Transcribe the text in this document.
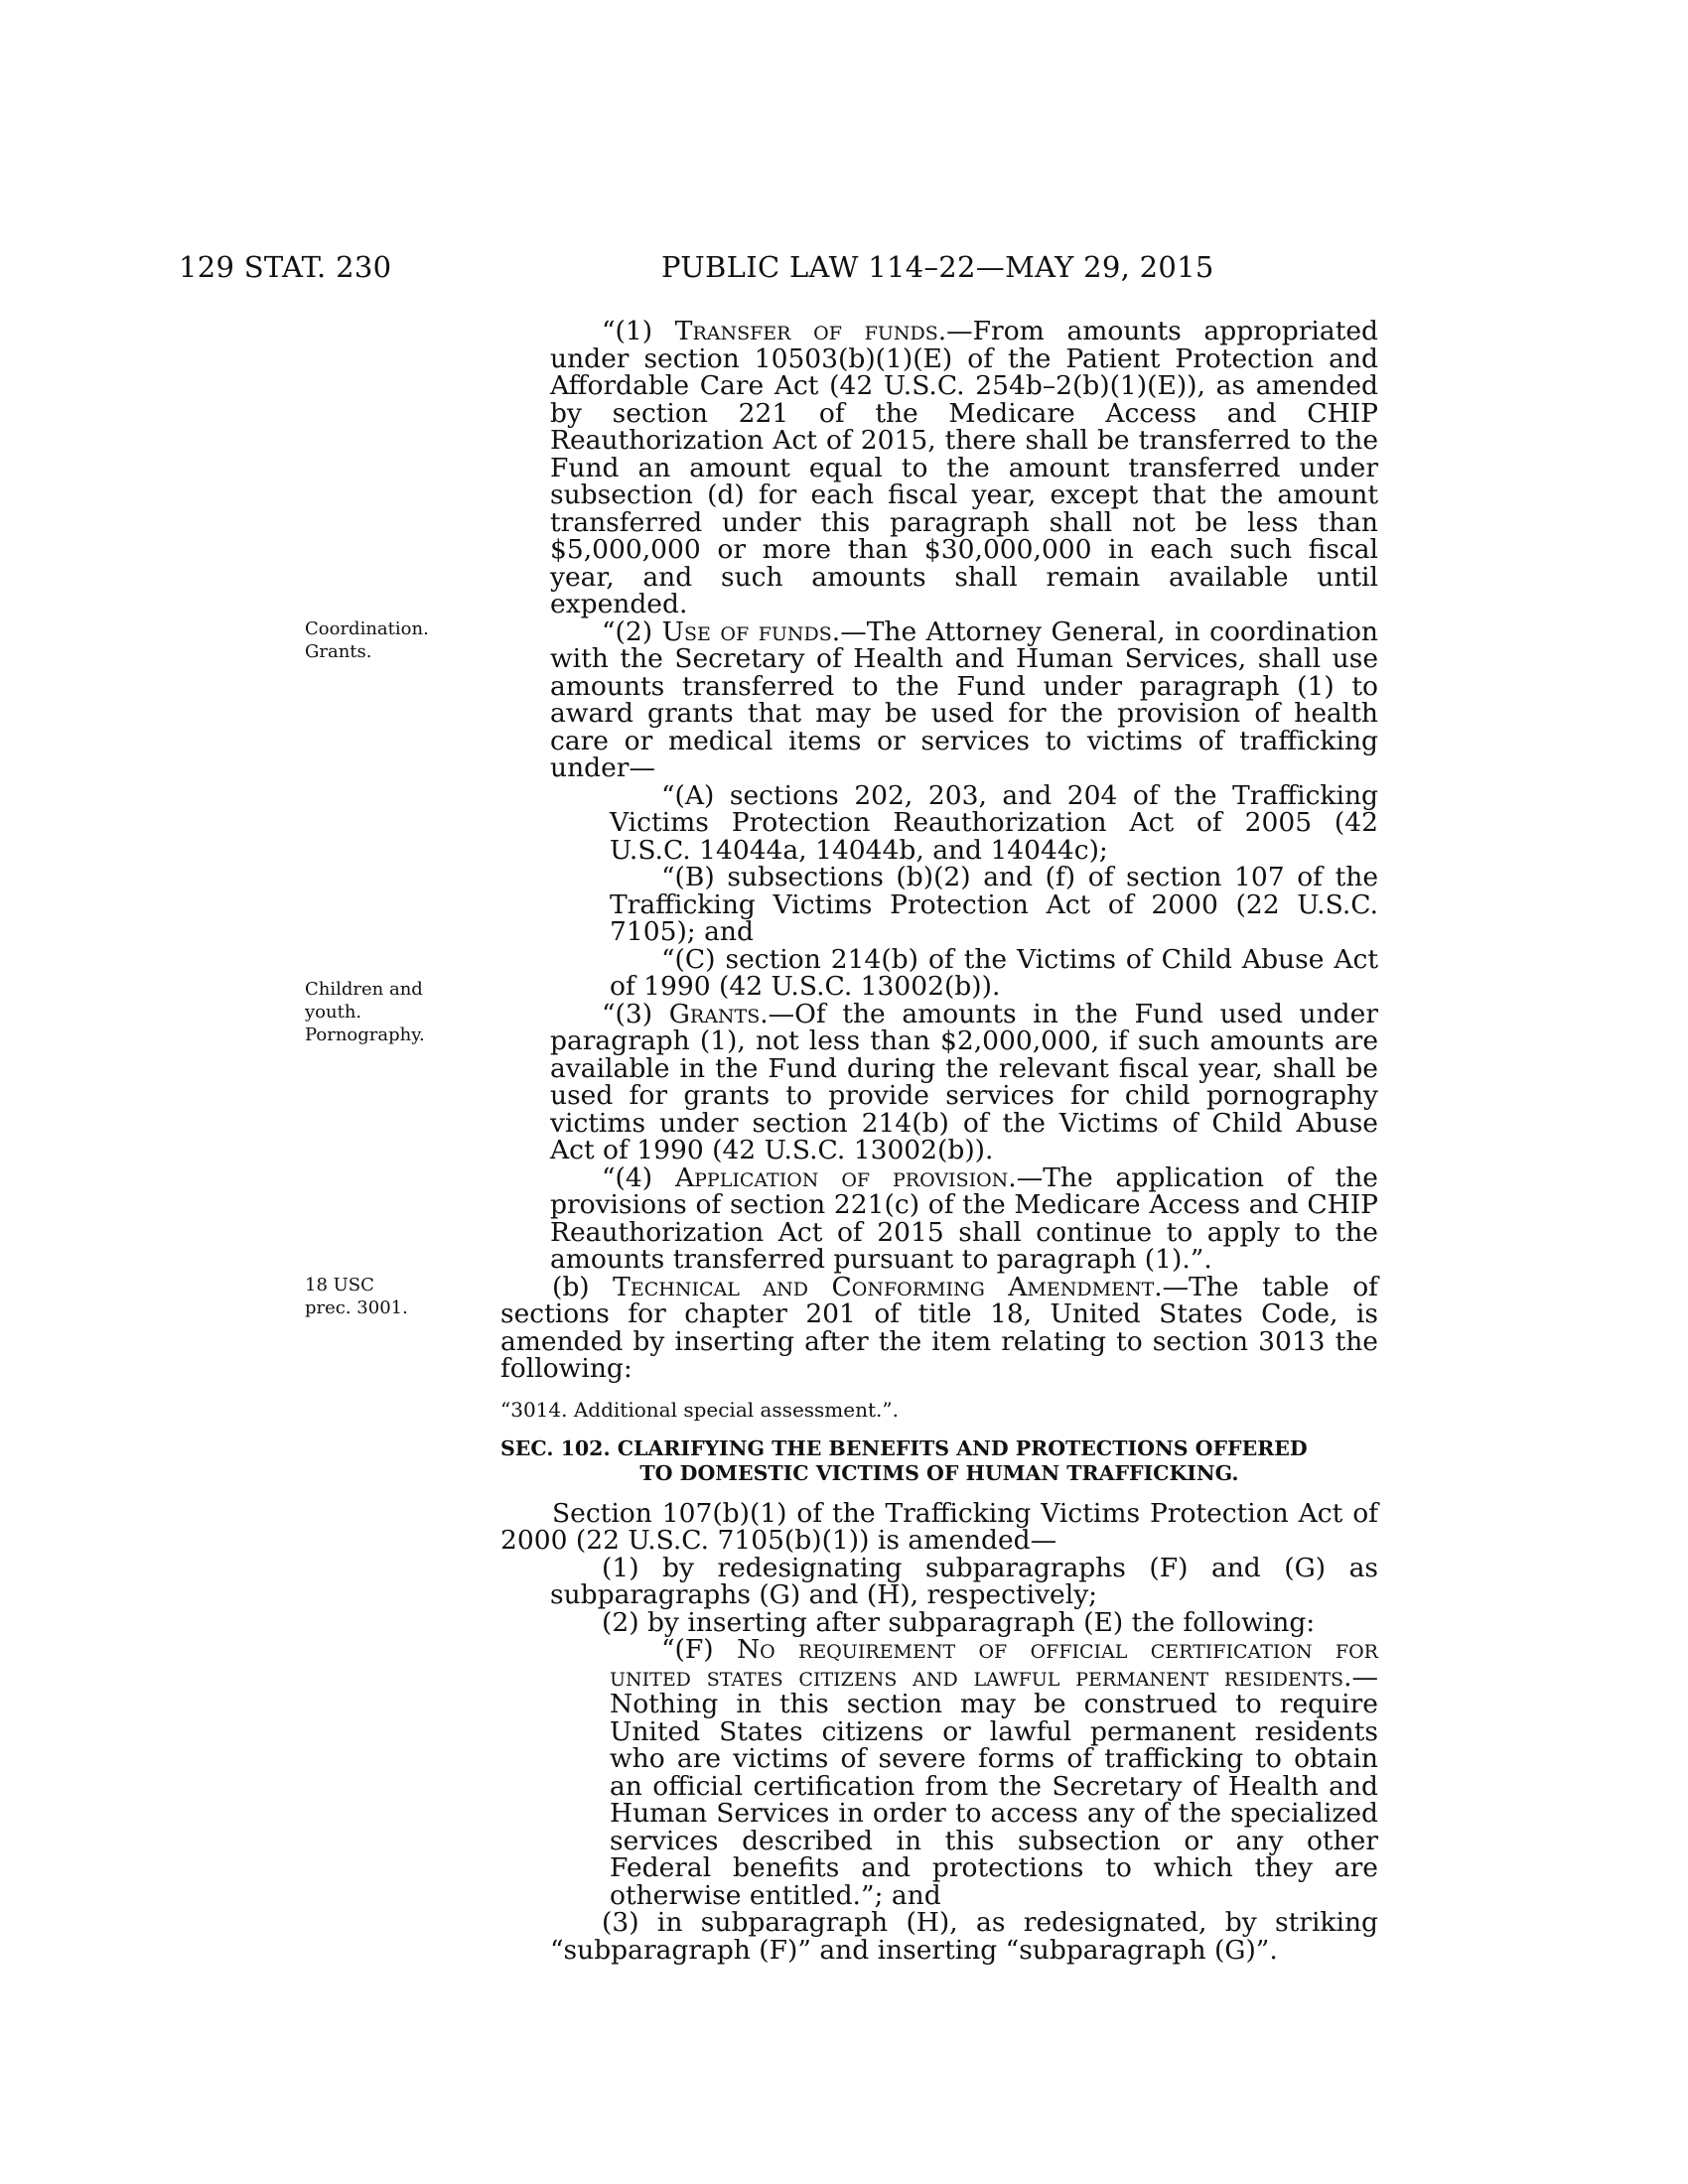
129 STAT. 230	PUBLIC LAW 114–22—MAY 29, 2015
Coordination.
Grants.
Children and
youth.
Pornography.
18 USC
prec. 3001.

“(1) Transfer of funds.—From amounts appropriated under section 10503(b)(1)(E) of the Patient Protection and Affordable Care Act (42 U.S.C. 254b–2(b)(1)(E)), as amended by section 221 of the Medicare Access and CHIP Reauthorization Act of 2015, there shall be transferred to the Fund an amount equal to the amount transferred under subsection (d) for each fiscal year, except that the amount transferred under this paragraph shall not be less than $5,000,000 or more than $30,000,000 in each such fiscal year, and such amounts shall remain available until expended.

“(2) Use of funds.—The Attorney General, in coordination with the Secretary of Health and Human Services, shall use amounts transferred to the Fund under paragraph (1) to award grants that may be used for the provision of health care or medical items or services to victims of trafficking under—

“(A) sections 202, 203, and 204 of the Trafficking Victims Protection Reauthorization Act of 2005 (42 U.S.C. 14044a, 14044b, and 14044c);

“(B) subsections (b)(2) and (f) of section 107 of the Trafficking Victims Protection Act of 2000 (22 U.S.C. 7105); and

“(C) section 214(b) of the Victims of Child Abuse Act of 1990 (42 U.S.C. 13002(b)).

“(3) Grants.—Of the amounts in the Fund used under paragraph (1), not less than $2,000,000, if such amounts are available in the Fund during the relevant fiscal year, shall be used for grants to provide services for child pornography victims under section 214(b) of the Victims of Child Abuse Act of 1990 (42 U.S.C. 13002(b)).

“(4) Application of provision.—The application of the provisions of section 221(c) of the Medicare Access and CHIP Reauthorization Act of 2015 shall continue to apply to the amounts transferred pursuant to paragraph (1).”.

(b) Technical and Conforming Amendment.—The table of sections for chapter 201 of title 18, United States Code, is amended by inserting after the item relating to section 3013 the following:

“3014. Additional special assessment.”.

SEC. 102. CLARIFYING THE BENEFITS AND PROTECTIONS OFFERED

TO DOMESTIC VICTIMS OF HUMAN TRAFFICKING.

Section 107(b)(1) of the Trafficking Victims Protection Act of 2000 (22 U.S.C. 7105(b)(1)) is amended—

(1) by redesignating subparagraphs (F) and (G) as subparagraphs (G) and (H), respectively;

(2) by inserting after subparagraph (E) the following:

“(F) No requirement of official certification for united states citizens and lawful permanent residents.—Nothing in this section may be construed to require United States citizens or lawful permanent residents who are victims of severe forms of trafficking to obtain an official certification from the Secretary of Health and Human Services in order to access any of the specialized services described in this subsection or any other Federal benefits and protections to which they are otherwise entitled.”; and

(3) in subparagraph (H), as redesignated, by striking “subparagraph (F)” and inserting “subparagraph (G)”.
